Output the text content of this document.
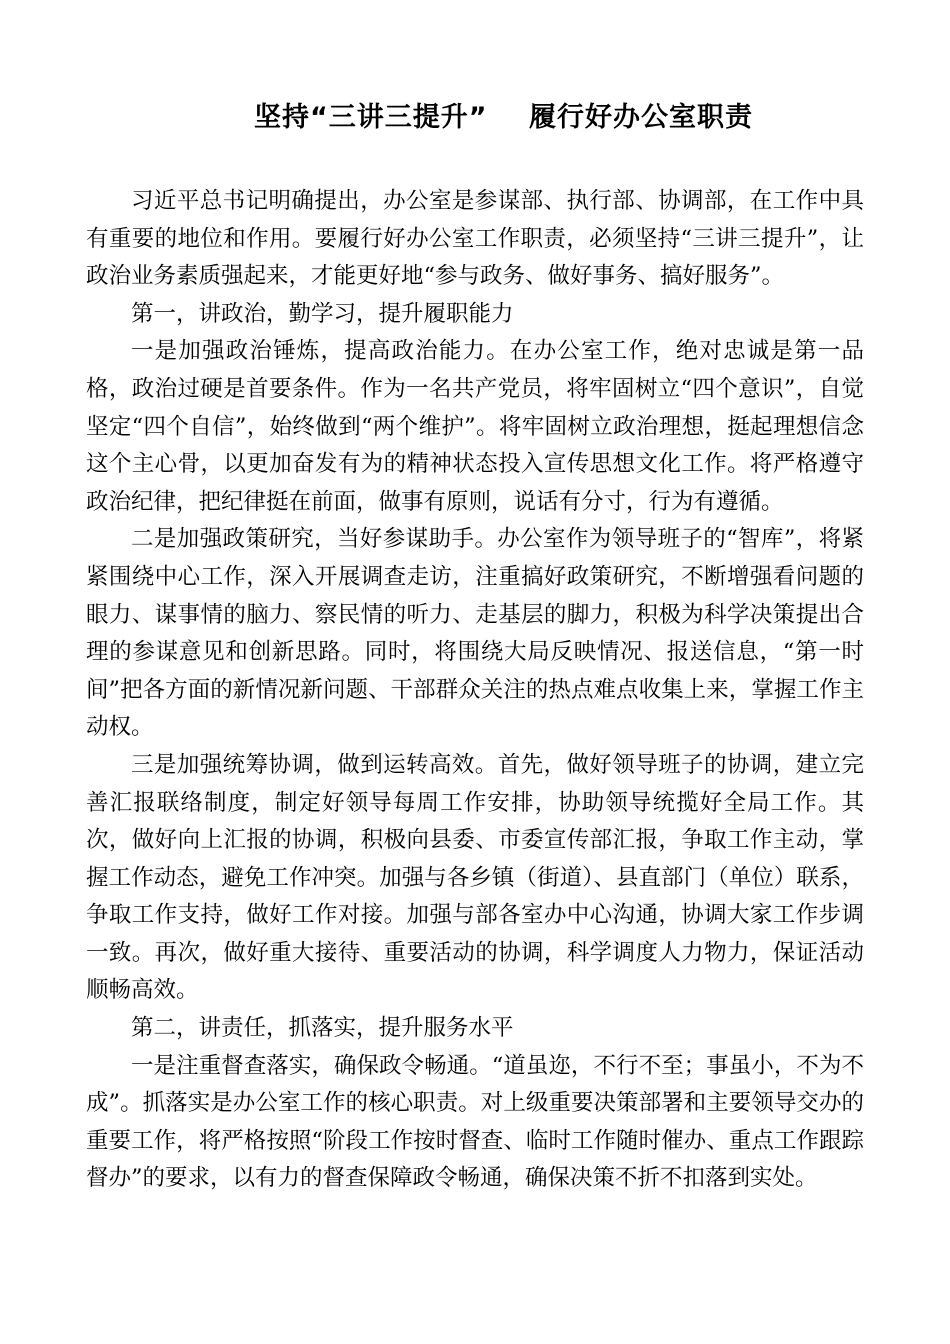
坚持“三讲三提升”    履行好办公室职责

习近平总书记明确提出，办公室是参谋部、执行部、协调部，在工作中具有重要的地位和作用。要履行好办公室工作职责，必须坚持“三讲三提升”，让政治业务素质强起来，才能更好地“参与政务、做好事务、搞好服务”。

第一，讲政治，勤学习，提升履职能力

一是加强政治锤炼，提高政治能力。在办公室工作，绝对忠诚是第一品格，政治过硬是首要条件。作为一名共产党员，将牢固树立“四个意识”，自觉坚定“四个自信”，始终做到“两个维护”。将牢固树立政治理想，挺起理想信念这个主心骨，以更加奋发有为的精神状态投入宣传思想文化工作。将严格遵守政治纪律，把纪律挺在前面，做事有原则，说话有分寸，行为有遵循。

二是加强政策研究，当好参谋助手。办公室作为领导班子的“智库”，将紧紧围绕中心工作，深入开展调查走访，注重搞好政策研究，不断增强看问题的眼力、谋事情的脑力、察民情的听力、走基层的脚力，积极为科学决策提出合理的参谋意见和创新思路。同时，将围绕大局反映情况、报送信息，“第一时间”把各方面的新情况新问题、干部群众关注的热点难点收集上来，掌握工作主动权。

三是加强统筹协调，做到运转高效。首先，做好领导班子的协调，建立完善汇报联络制度，制定好领导每周工作安排，协助领导统揽好全局工作。其次，做好向上汇报的协调，积极向县委、市委宣传部汇报，争取工作主动，掌握工作动态，避免工作冲突。加强与各乡镇（街道）、县直部门（单位）联系，争取工作支持，做好工作对接。加强与部各室办中心沟通，协调大家工作步调一致。再次，做好重大接待、重要活动的协调，科学调度人力物力，保证活动顺畅高效。

第二，讲责任，抓落实，提升服务水平

一是注重督查落实，确保政令畅通。“道虽迩，不行不至；事虽小，不为不成”。抓落实是办公室工作的核心职责。对上级重要决策部署和主要领导交办的重要工作，将严格按照“阶段工作按时督查、临时工作随时催办、重点工作跟踪督办”的要求，以有力的督查保障政令畅通，确保决策不折不扣落到实处。
